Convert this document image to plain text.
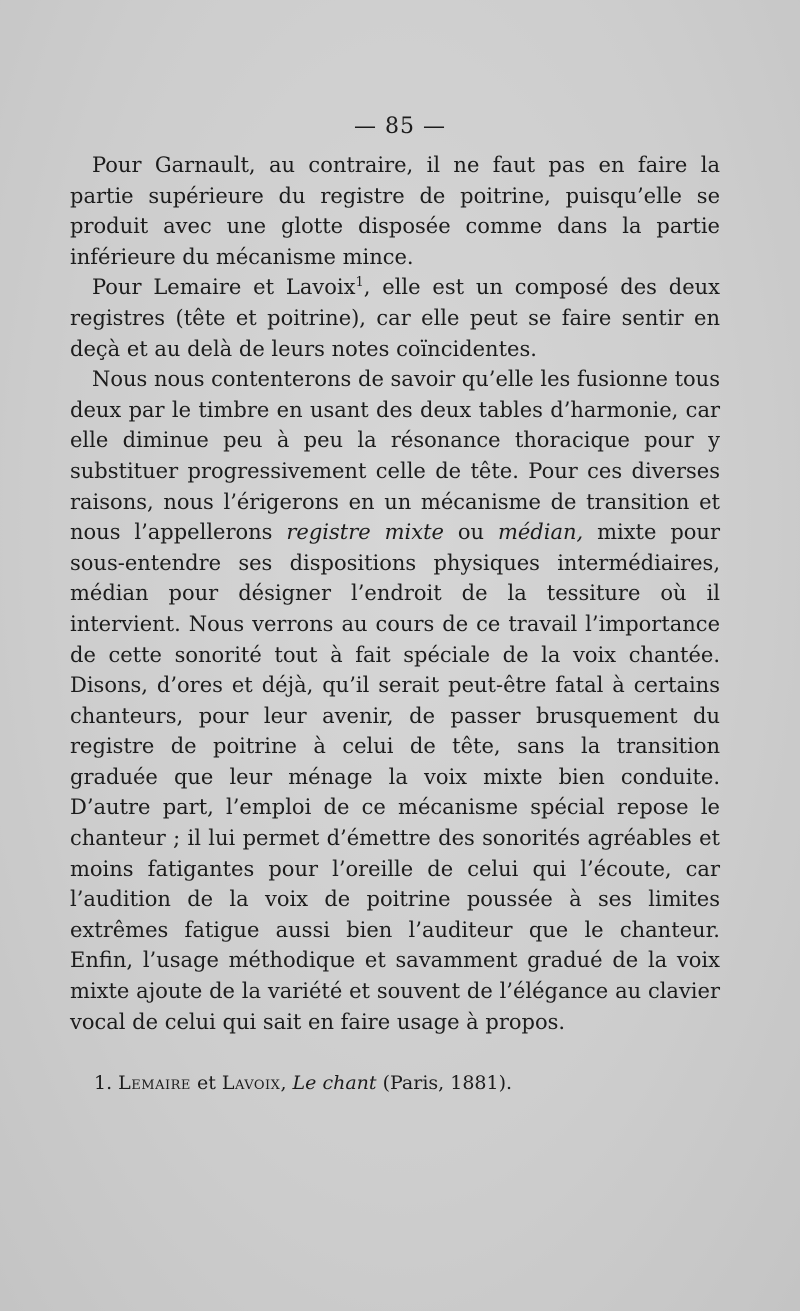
— 85 —

Pour Garnault, au contraire, il ne faut pas en faire la partie supérieure du registre de poitrine, puisqu’elle se produit avec une glotte disposée comme dans la partie inférieure du mécanisme mince.

Pour Lemaire et Lavoix$^1$, elle est un composé des deux registres (tête et poitrine), car elle peut se faire sentir en deçà et au delà de leurs notes coïncidentes.

Nous nous contenterons de savoir qu’elle les fusionne tous deux par le timbre en usant des deux tables d’harmonie, car elle diminue peu à peu la résonance thoracique pour y substituer progressivement celle de tête. Pour ces diverses raisons, nous l’érigerons en un mécanisme de transition et nous l’appellerons registre mixte ou médian, mixte pour sous-entendre ses dispositions physiques intermédiaires, médian pour désigner l’endroit de la tessiture où il intervient. Nous verrons au cours de ce travail l’importance de cette sonorité tout à fait spéciale de la voix chantée. Disons, d’ores et déjà, qu’il serait peut-être fatal à certains chanteurs, pour leur avenir, de passer brusquement du registre de poitrine à celui de tête, sans la transition graduée que leur ménage la voix mixte bien conduite. D’autre part, l’emploi de ce mécanisme spécial repose le chanteur ; il lui permet d’émettre des sonorités agréables et moins fatigantes pour l’oreille de celui qui l’écoute, car l’audition de la voix de poitrine poussée à ses limites extrêmes fatigue aussi bien l’auditeur que le chanteur. Enfin, l’usage méthodique et savamment gradué de la voix mixte ajoute de la variété et souvent de l’élégance au clavier vocal de celui qui sait en faire usage à propos.

1. Lemaire et Lavoix, Le chant (Paris, 1881).
